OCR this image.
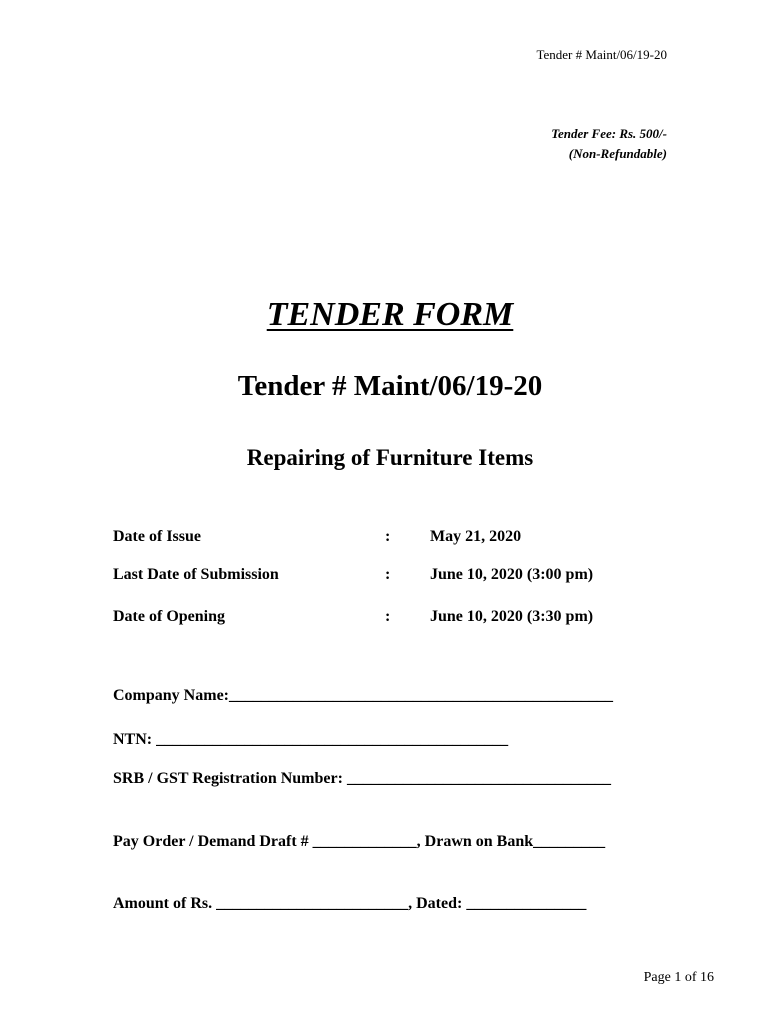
Tender # Maint/06/19-20
Tender Fee: Rs. 500/-
(Non-Refundable)
TENDER FORM
Tender # Maint/06/19-20
Repairing of Furniture Items
Date of Issue	: May 21, 2020
Last Date of Submission	: June 10, 2020 (3:00 pm)
Date of Opening	: June 10, 2020 (3:30 pm)
Company Name:________________________________________________
NTN: ____________________________________________
SRB / GST Registration Number: _________________________________
Pay Order / Demand Draft # _____________, Drawn on Bank_________
Amount of Rs. ________________________, Dated: _______________
Page 1 of 16
